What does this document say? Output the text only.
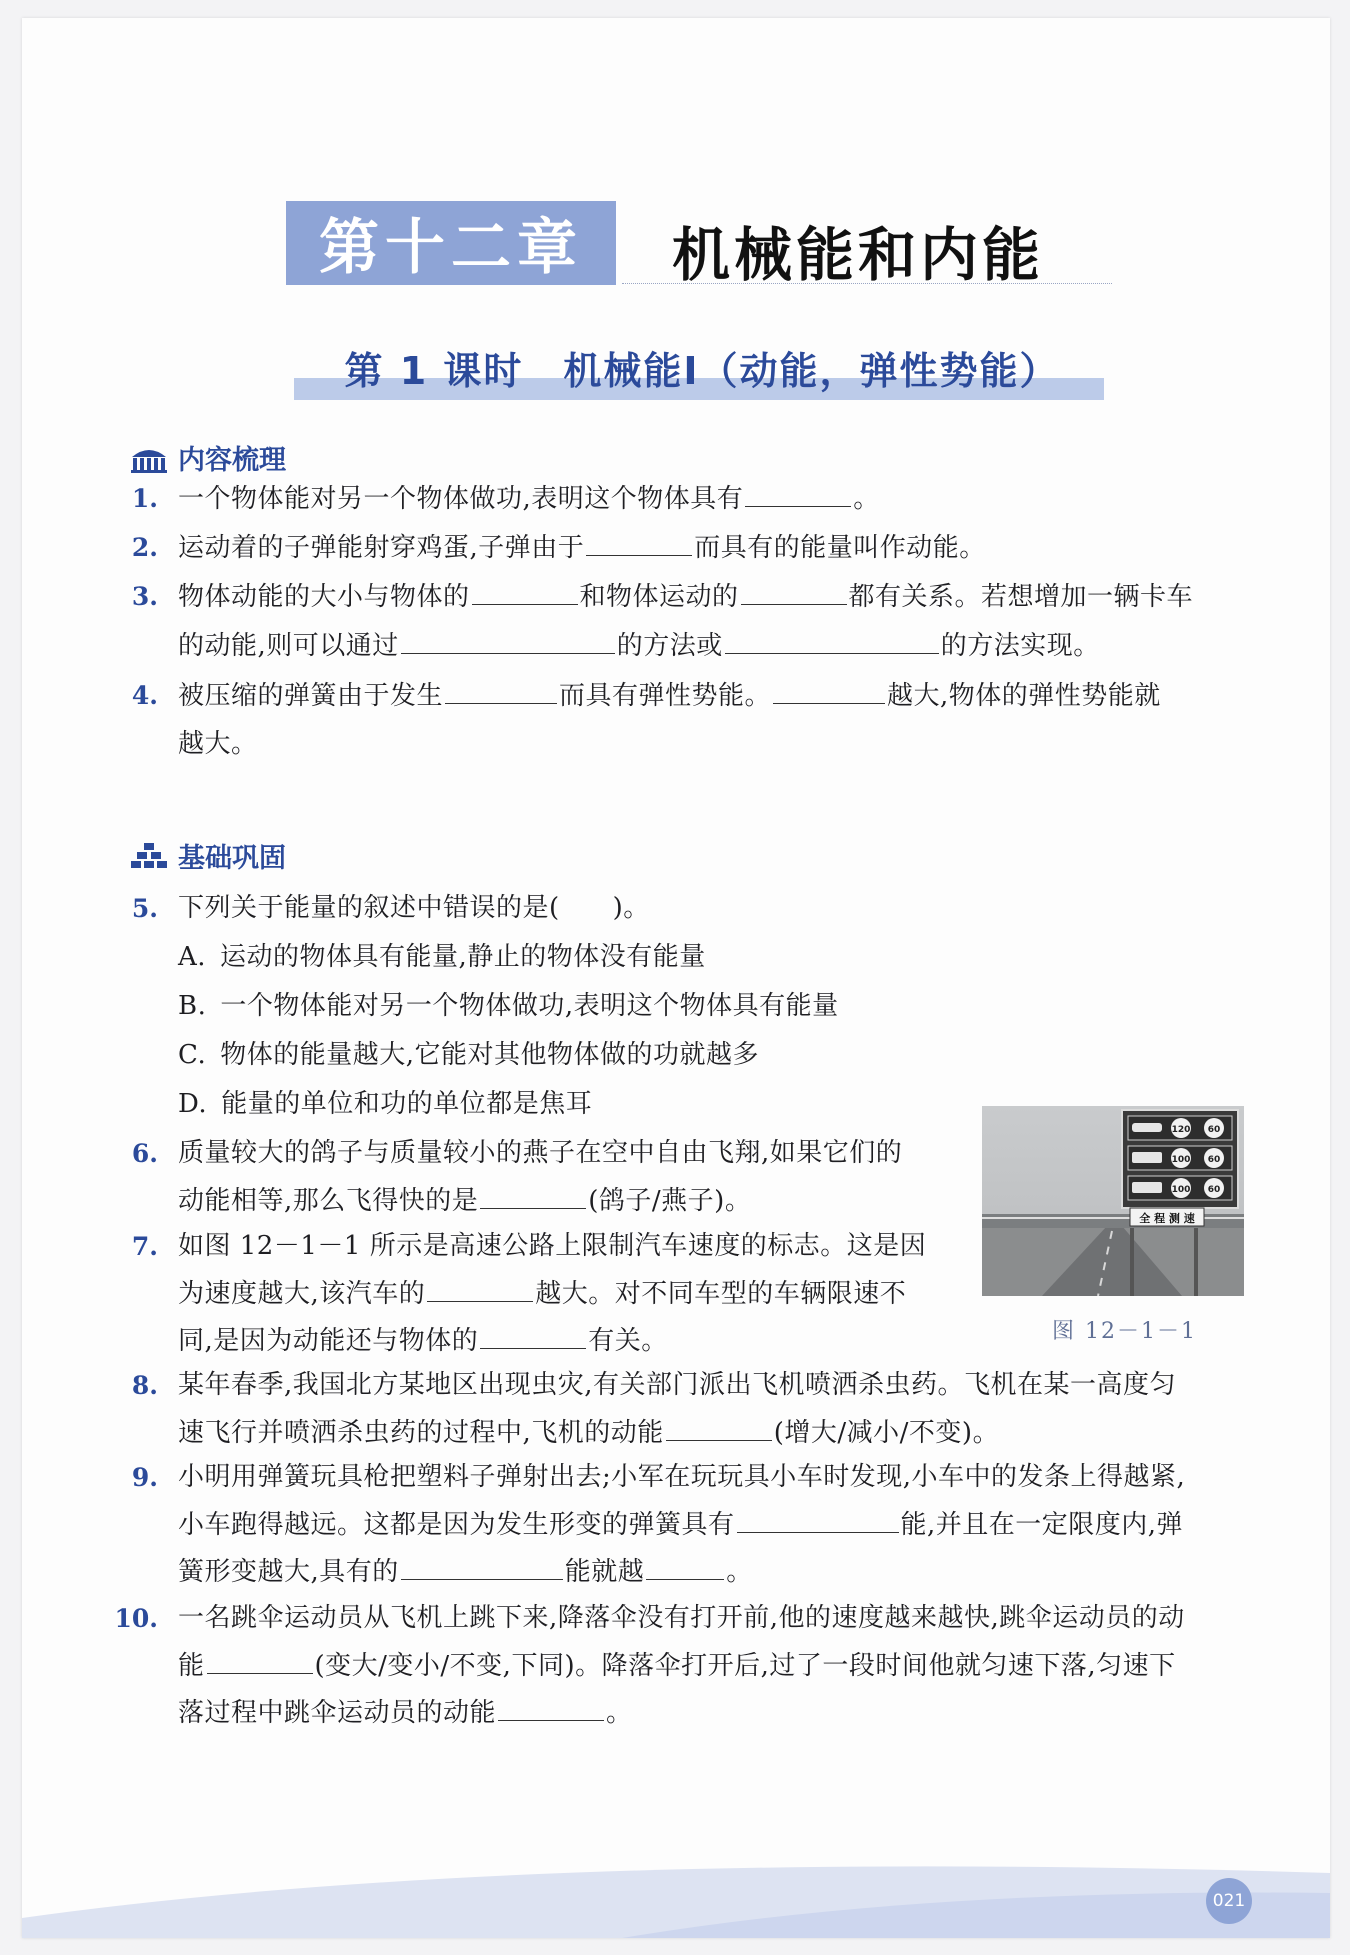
第十二章	机械能和内能
第 1 课时　机械能Ⅰ（动能，弹性势能）
内容梳理
1. 一个物体能对另一个物体做功,表明这个物体具有	。
2. 运动着的子弹能射穿鸡蛋,子弹由于	而具有的能量叫作动能。
3. 物体动能的大小与物体的	和物体运动的	都有关系。若想增加一辆卡车
的动能,则可以通过	的方法或	的方法实现。
4. 被压缩的弹簧由于发生	而具有弹性势能。	越大,物体的弹性势能就
越大。
基础巩固
5. 下列关于能量的叙述中错误的是(　　)。
A. 运动的物体具有能量,静止的物体没有能量
B. 一个物体能对另一个物体做功,表明这个物体具有能量
C. 物体的能量越大,它能对其他物体做的功就越多
D. 能量的单位和功的单位都是焦耳
6. 质量较大的鸽子与质量较小的燕子在空中自由飞翔,如果它们的
动能相等,那么飞得快的是	(鸽子/燕子)。
7. 如图 12－1－1 所示是高速公路上限制汽车速度的标志。这是因
为速度越大,该汽车的	越大。对不同车型的车辆限速不
同,是因为动能还与物体的	有关。
120 60
100 60
100 60
全 程 测 速
图 12－1－1
8. 某年春季,我国北方某地区出现虫灾,有关部门派出飞机喷洒杀虫药。飞机在某一高度匀
速飞行并喷洒杀虫药的过程中,飞机的动能	(增大/减小/不变)。
9. 小明用弹簧玩具枪把塑料子弹射出去;小军在玩玩具小车时发现,小车中的发条上得越紧,
小车跑得越远。这都是因为发生形变的弹簧具有	能,并且在一定限度内,弹
簧形变越大,具有的	能就越	。
10. 一名跳伞运动员从飞机上跳下来,降落伞没有打开前,他的速度越来越快,跳伞运动员的动
能	(变大/变小/不变,下同)。降落伞打开后,过了一段时间他就匀速下落,匀速下
落过程中跳伞运动员的动能	。
021
